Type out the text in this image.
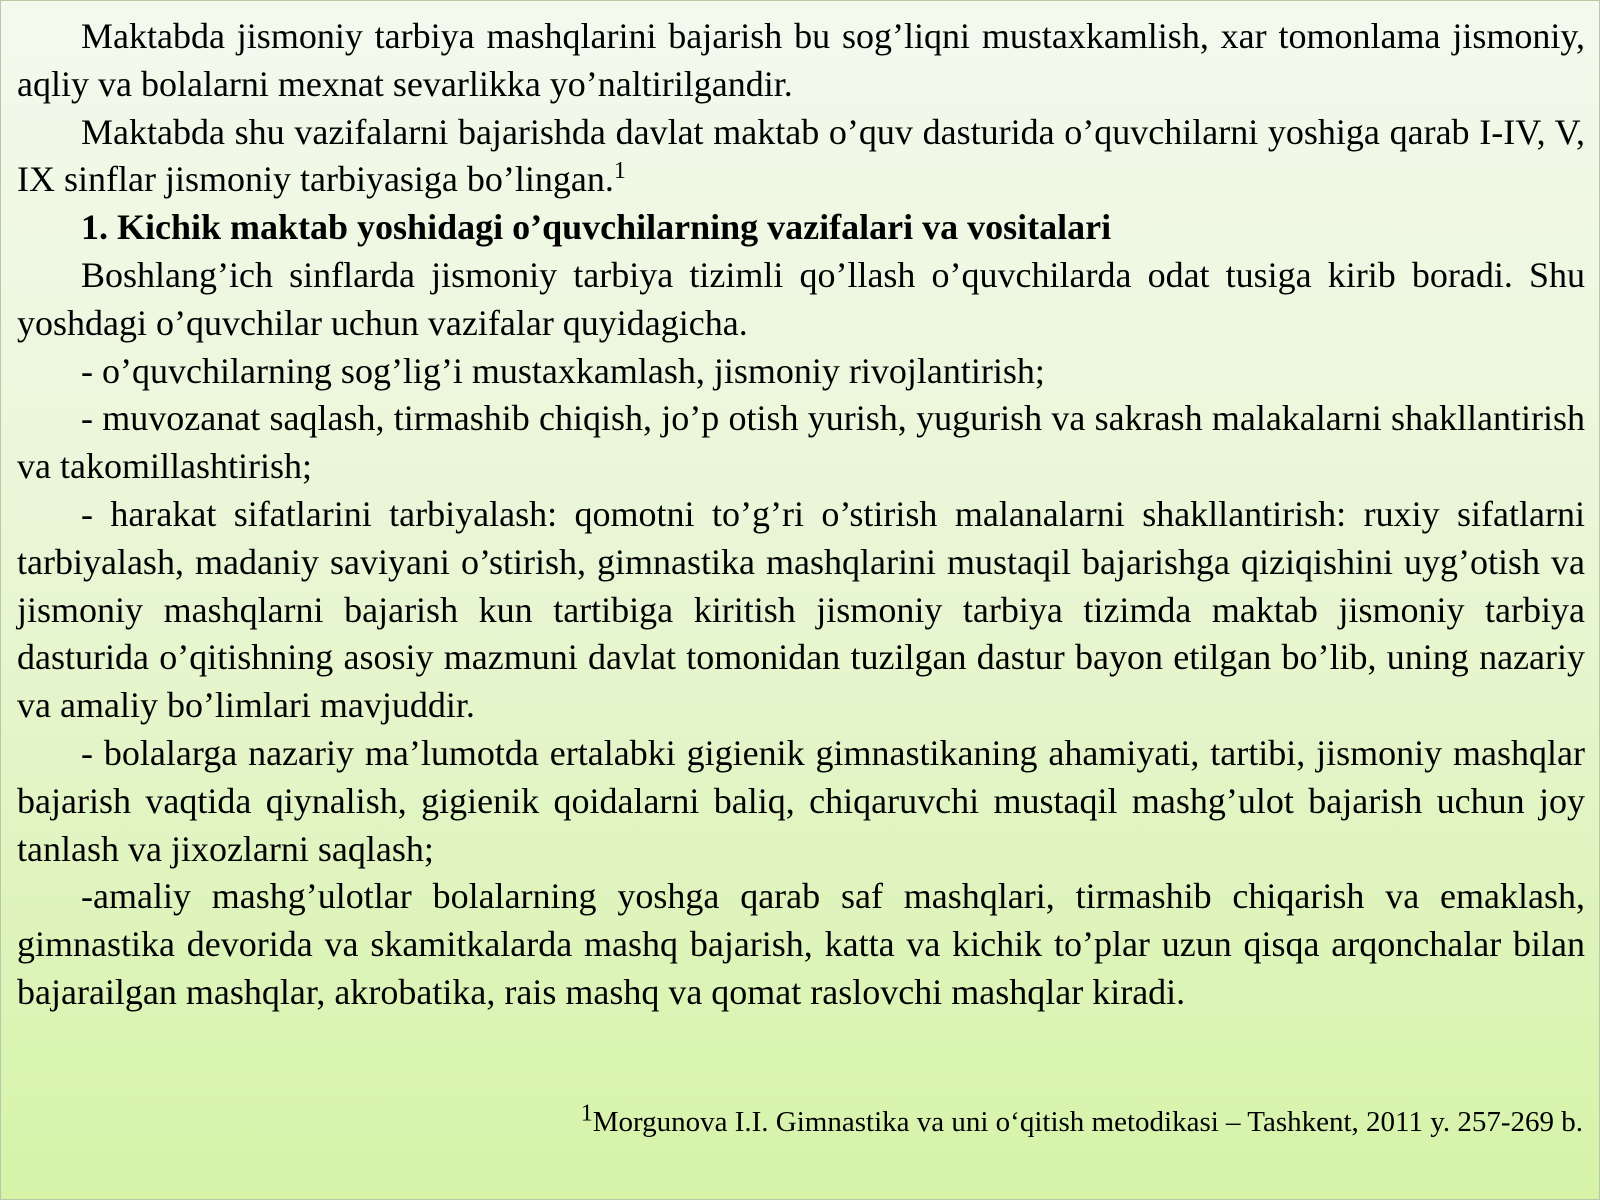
Maktabda jismoniy tarbiya mashqlarini bajarish bu sog’liqni mustaxkamlish, xar tomonlama jismoniy, aqliy va bolalarni mexnat sevarlikka yo’naltirilgandir.

Maktabda shu vazifalarni bajarishda davlat maktab o’quv dasturida o’quvchilarni yoshiga qarab I-IV, V, IX sinflar jismoniy tarbiyasiga bo’lingan.$^1$

1. Kichik maktab yoshidagi o’quvchilarning vazifalari va vositalari

Boshlang’ich sinflarda jismoniy tarbiya tizimli qo’llash o’quvchilarda odat tusiga kirib boradi. Shu yoshdagi o’quvchilar uchun vazifalar quyidagicha.

- o’quvchilarning sog’lig’i mustaxkamlash, jismoniy rivojlantirish;

- muvozanat saqlash, tirmashib chiqish, jo’p otish yurish, yugurish va sakrash malakalarni shakllantirish va takomillashtirish;

- harakat sifatlarini tarbiyalash: qomotni to’g’ri o’stirish malanalarni shakllantirish: ruxiy sifatlarni tarbiyalash, madaniy saviyani o’stirish, gimnastika mashqlarini mustaqil bajarishga qiziqishini uyg’otish va jismoniy mashqlarni bajarish kun tartibiga kiritish jismoniy tarbiya tizimda maktab jismoniy tarbiya dasturida o’qitishning asosiy mazmuni davlat tomonidan tuzilgan dastur bayon etilgan bo’lib, uning nazariy va amaliy bo’limlari mavjuddir.

- bolalarga nazariy ma’lumotda ertalabki gigienik gimnastikaning ahamiyati, tartibi, jismoniy mashqlar bajarish vaqtida qiynalish, gigienik qoidalarni baliq, chiqaruvchi mustaqil mashg’ulot bajarish uchun joy tanlash va jixozlarni saqlash;

-amaliy mashg’ulotlar bolalarning yoshga qarab saf mashqlari, tirmashib chiqarish va emaklash, gimnastika devorida va skamitkalarda mashq bajarish, katta va kichik to’plar uzun qisqa arqonchalar bilan bajarailgan mashqlar, akrobatika, rais mashq va qomat raslovchi mashqlar kiradi.

$^1$Morgunova I.I. Gimnastika va uni o‘qitish metodikasi – Tashkent, 2011 y. 257-269 b.
